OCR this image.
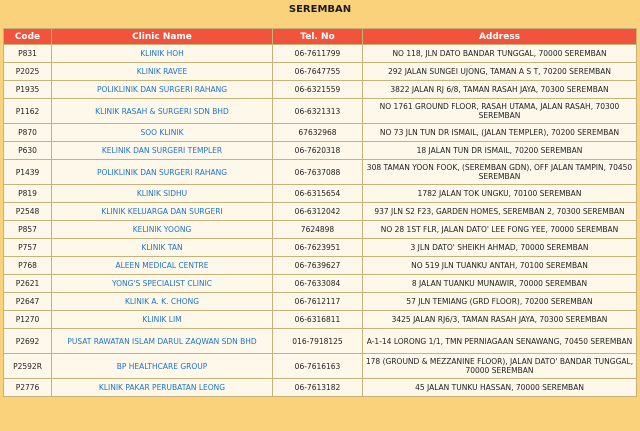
SEREMBAN
Code	Clinic Name	Tel. No	Address
P831	KLINIK HOH	06-7611799	NO 118, JLN DATO BANDAR TUNGGAL, 70000 SEREMBAN
P2025	KLINIK RAVEE	06-7647755	292 JALAN SUNGEI UJONG, TAMAN A S T, 70200 SEREMBAN
P1935	POLIKLINIK DAN SURGERI RAHANG	06-6321559	3822 JALAN RJ 6/8, TAMAN RASAH JAYA, 70300 SEREMBAN
P1162	KLINIK RASAH & SURGERI SDN BHD	06-6321313	NO 1761 GROUND FLOOR, RASAH UTAMA, JALAN RASAH, 70300 SEREMBAN
P870	SOO KLINIK	67632968	NO 73 JLN TUN DR ISMAIL, (JALAN TEMPLER), 70200 SEREMBAN
P630	KELINIK DAN SURGERI TEMPLER	06-7620318	18 JALAN TUN DR ISMAIL, 70200 SEREMBAN
P1439	POLIKLINIK DAN SURGERI RAHANG	06-7637088	308 TAMAN YOON FOOK, (SEREMBAN GDN), OFF JALAN TAMPIN, 70450 SEREMBAN
P819	KLINIK SIDHU	06-6315654	1782 JALAN TOK UNGKU, 70100 SEREMBAN
P2548	KLINIK KELUARGA DAN SURGERI	06-6312042	937 JLN S2 F23, GARDEN HOMES, SEREMBAN 2, 70300 SEREMBAN
P857	KELINIK YOONG	7624898	NO 28 1ST FLR, JALAN DATO' LEE FONG YEE, 70000 SEREMBAN
P757	KLINIK TAN	06-7623951	3 JLN DATO' SHEIKH AHMAD, 70000 SEREMBAN
P768	ALEEN MEDICAL CENTRE	06-7639627	NO 519 JLN TUANKU ANTAH, 70100 SEREMBAN
P2621	YONG'S SPECIALIST CLINIC	06-7633084	8 JALAN TUANKU MUNAWIR, 70000 SEREMBAN
P2647	KLINIK A. K. CHONG	06-7612117	57 JLN TEMIANG (GRD FLOOR), 70200 SEREMBAN
P1270	KLINIK LIM	06-6316811	3425 JALAN RJ6/3, TAMAN RASAH JAYA, 70300 SEREMBAN
P2692	PUSAT RAWATAN ISLAM DARUL ZAQWAN SDN BHD	016-7918125	A-1-14 LORONG 1/1, TMN PERNIAGAAN SENAWANG, 70450 SEREMBAN
P2592R	BP HEALTHCARE GROUP	06-7616163	178 (GROUND & MEZZANINE FLOOR), JALAN DATO' BANDAR TUNGGAL, 70000 SEREMBAN
P2776	KLINIK PAKAR PERUBATAN LEONG	06-7613182	45 JALAN TUNKU HASSAN, 70000 SEREMBAN
